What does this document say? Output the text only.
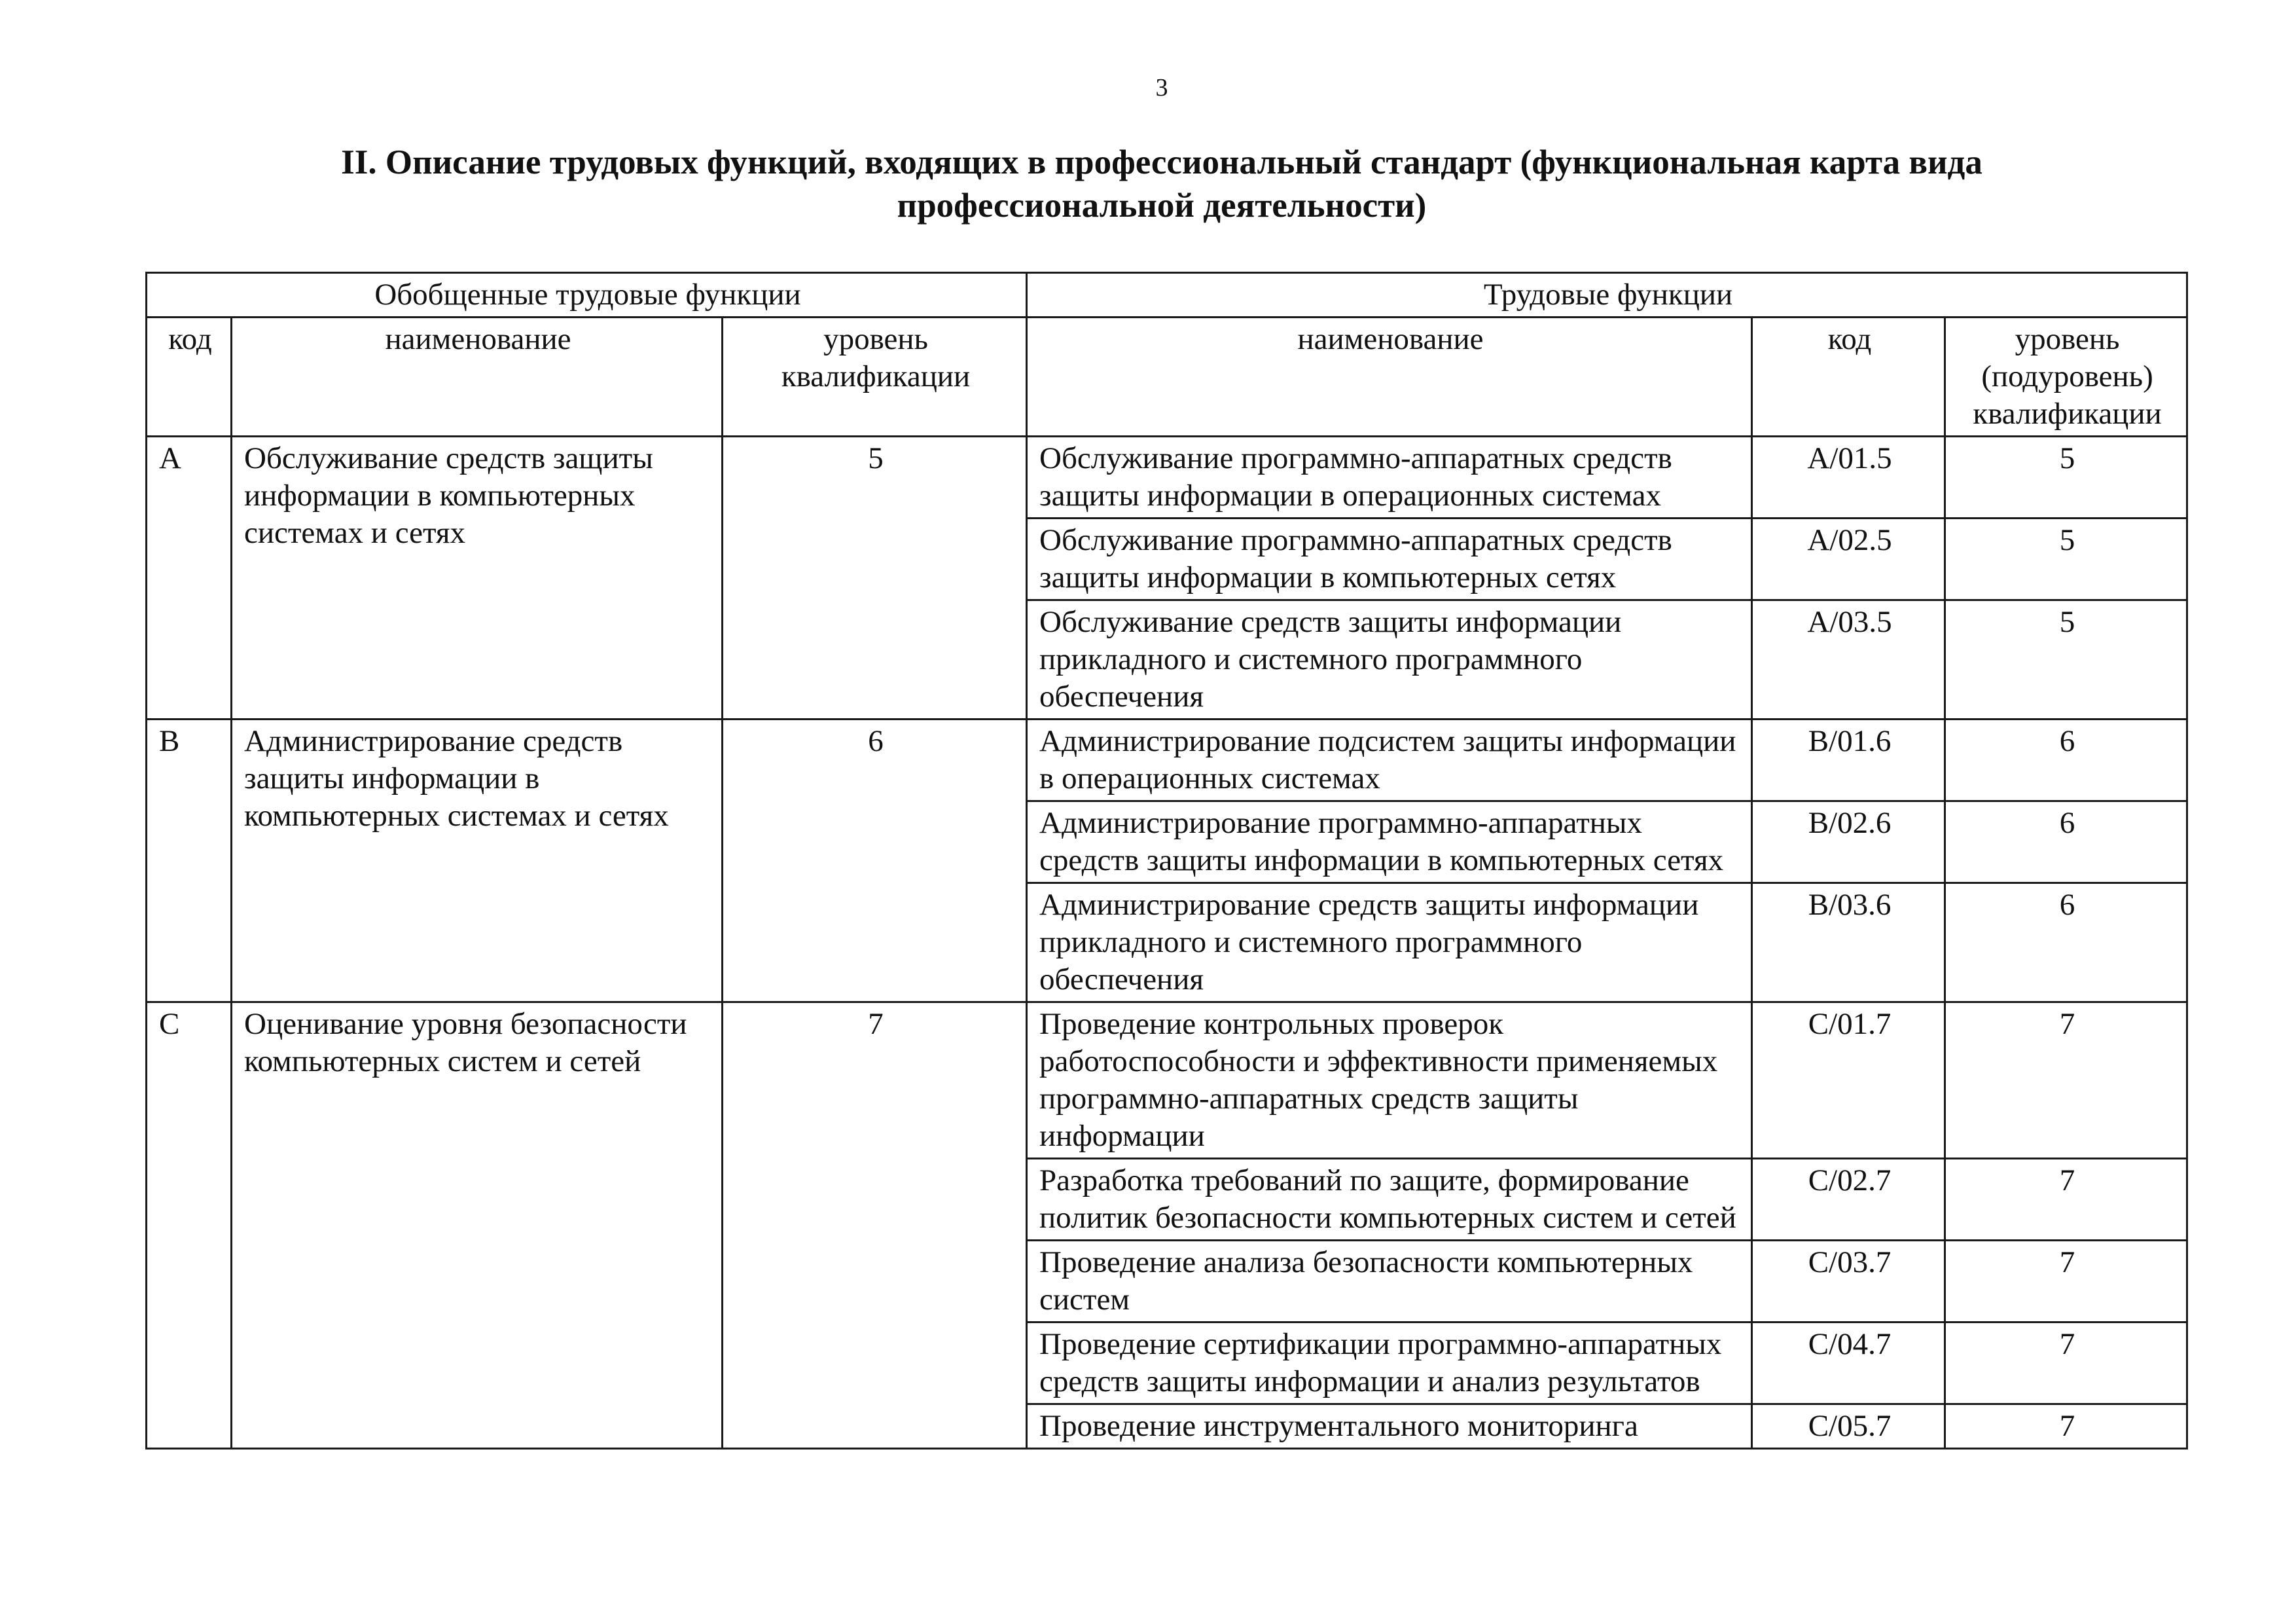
3
II. Описание трудовых функций, входящих в профессиональный стандарт (функциональная карта вида
профессиональной деятельности)
Обобщенные трудовые функции			Трудовые функции		
код	наименование	уровень квалификации	наименование	код	уровень (подуровень) квалификации
A	Обслуживание средств защиты информации в компьютерных системах и сетях	5	Обслуживание программно-аппаратных средств защиты информации в операционных системах	A/01.5	5
			Обслуживание программно-аппаратных средств защиты информации в компьютерных сетях	A/02.5	5
			Обслуживание средств защиты информации прикладного и системного программного обеспечения	A/03.5	5
B	Администрирование средств защиты информации в компьютерных системах и сетях	6	Администрирование подсистем защиты информации в операционных системах	B/01.6	6
			Администрирование программно-аппаратных средств защиты информации в компьютерных сетях	B/02.6	6
			Администрирование средств защиты информации прикладного и системного программного обеспечения	B/03.6	6
C	Оценивание уровня безопасности компьютерных систем и сетей	7	Проведение контрольных проверок работоспособности и эффективности применяемых программно-аппаратных средств защиты информации	C/01.7	7
			Разработка требований по защите, формирование политик безопасности компьютерных систем и сетей	C/02.7	7
			Проведение анализа безопасности компьютерных систем	C/03.7	7
			Проведение сертификации программно-аппаратных средств защиты информации и анализ результатов	C/04.7	7
			Проведение инструментального мониторинга	C/05.7	7
